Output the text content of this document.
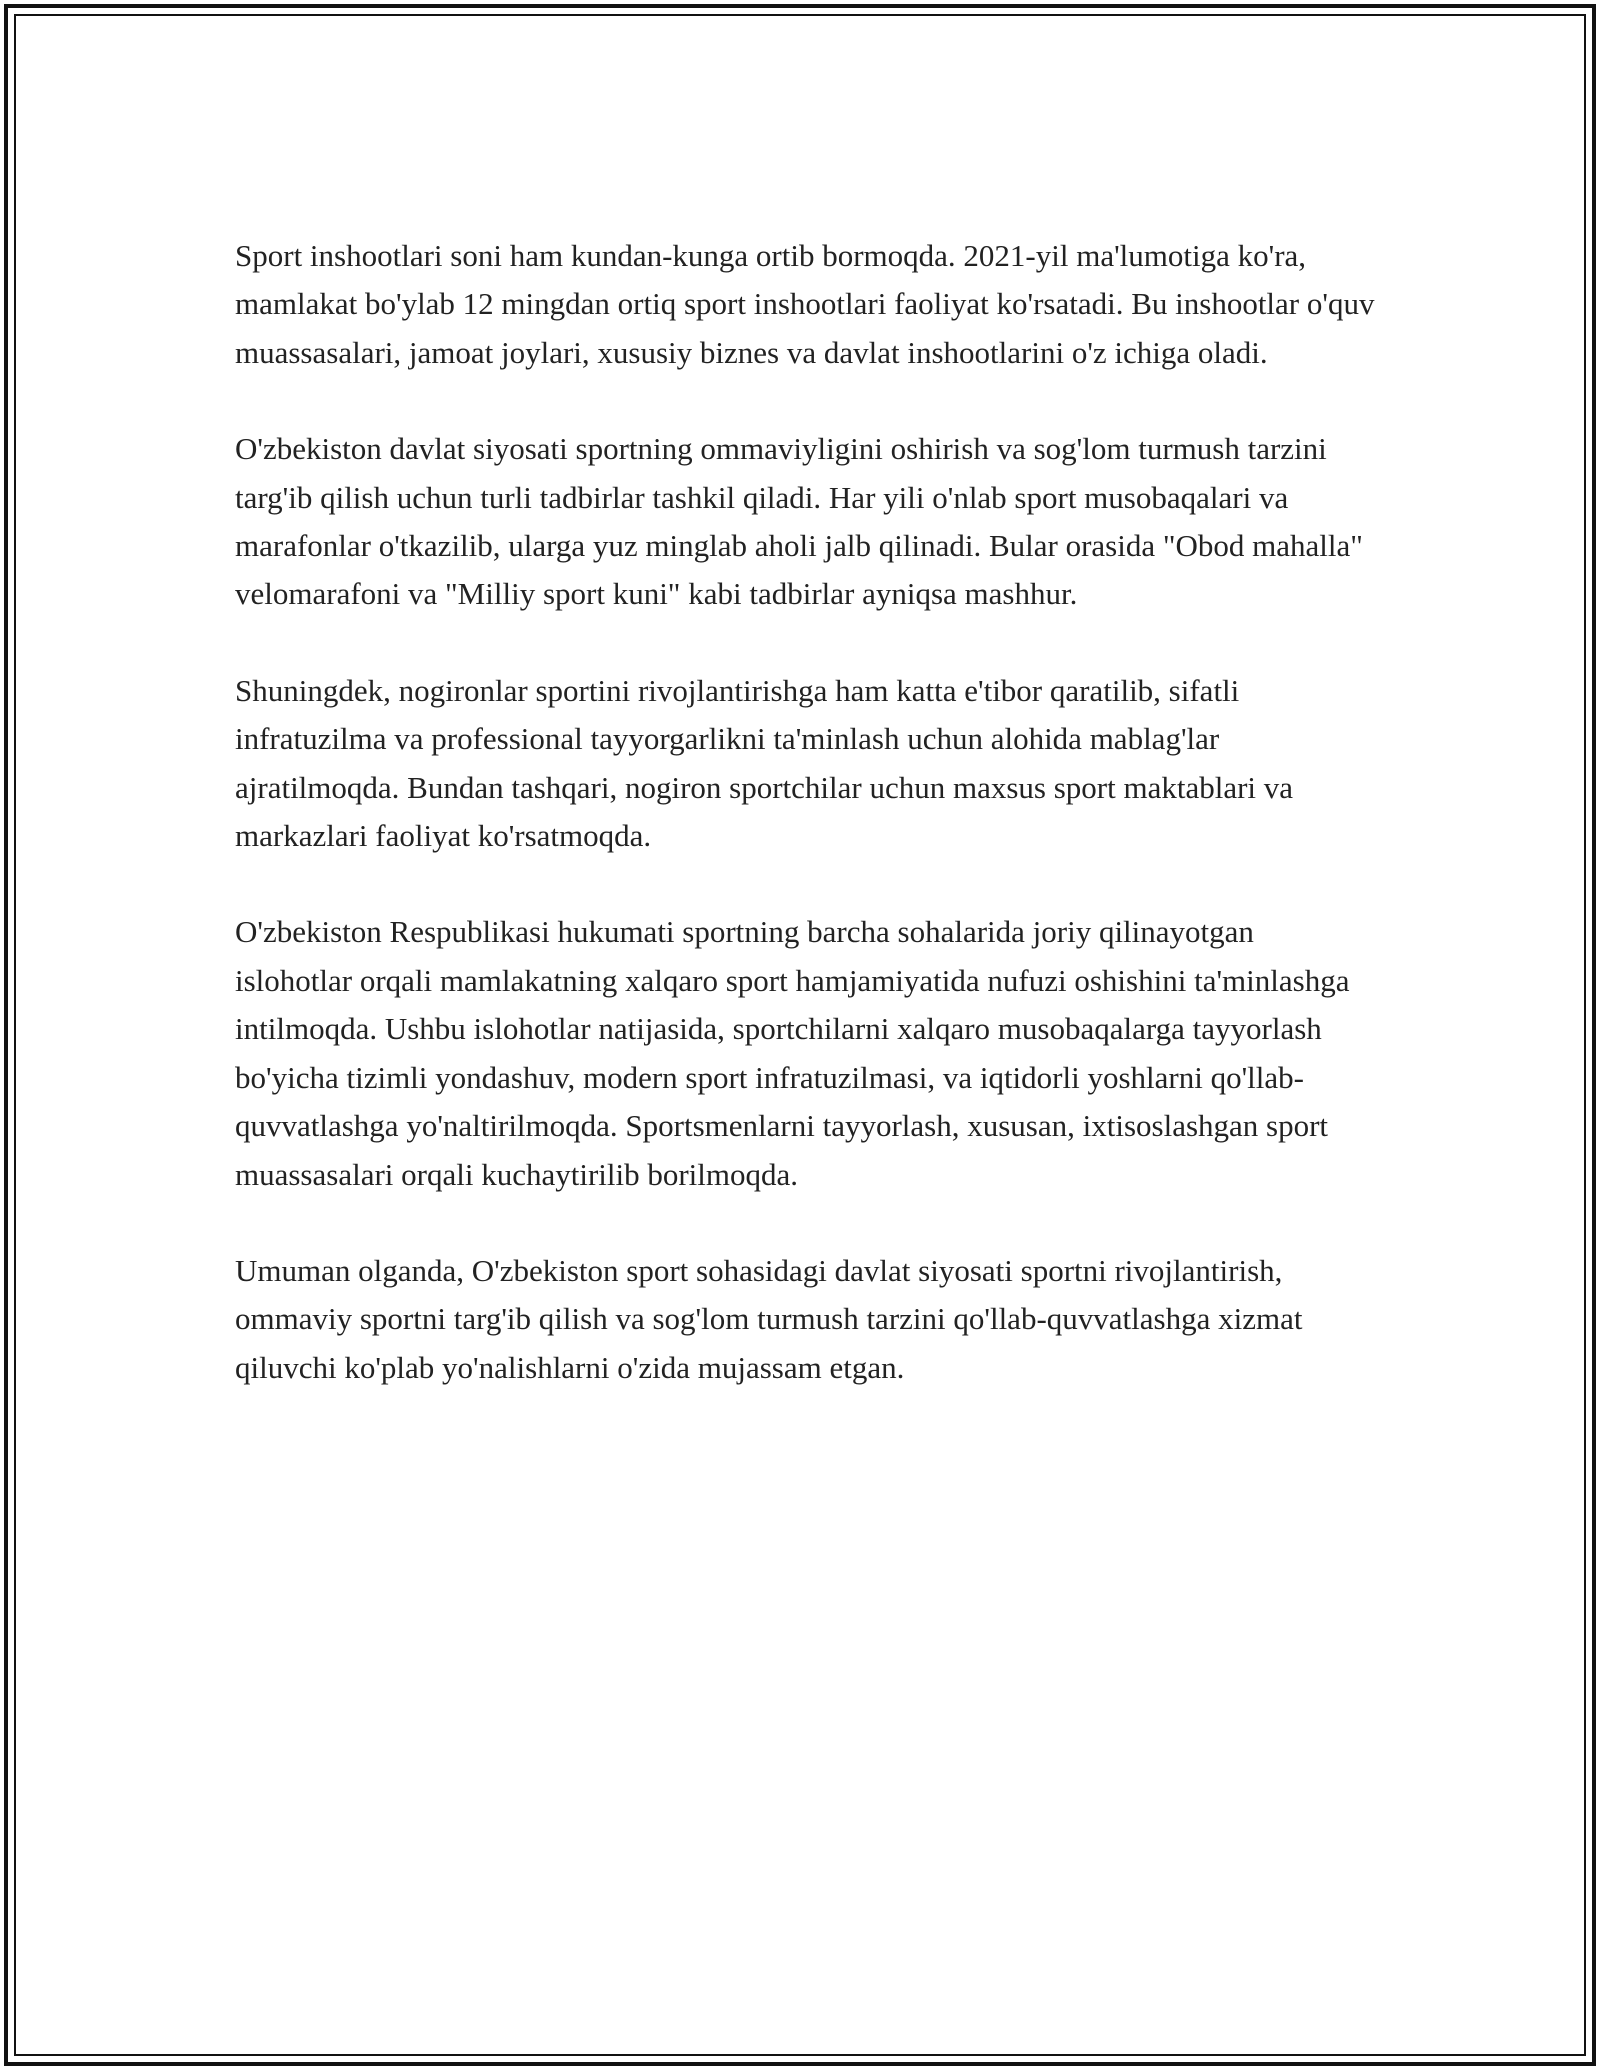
Sport inshootlari soni ham kundan-kunga ortib bormoqda. 2021-yil ma'lumotiga ko'ra, mamlakat bo'ylab 12 mingdan ortiq sport inshootlari faoliyat ko'rsatadi. Bu inshootlar o'quv muassasalari, jamoat joylari, xususiy biznes va davlat inshootlarini o'z ichiga oladi.

O'zbekiston davlat siyosati sportning ommaviyligini oshirish va sog'lom turmush tarzini targ'ib qilish uchun turli tadbirlar tashkil qiladi. Har yili o'nlab sport musobaqalari va marafonlar o'tkazilib, ularga yuz minglab aholi jalb qilinadi. Bular orasida "Obod mahalla" velomarafoni va "Milliy sport kuni" kabi tadbirlar ayniqsa mashhur.

Shuningdek, nogironlar sportini rivojlantirishga ham katta e'tibor qaratilib, sifatli infratuzilma va professional tayyorgarlikni ta'minlash uchun alohida mablag'lar ajratilmoqda. Bundan tashqari, nogiron sportchilar uchun maxsus sport maktablari va markazlari faoliyat ko'rsatmoqda.

O'zbekiston Respublikasi hukumati sportning barcha sohalarida joriy qilinayotgan islohotlar orqali mamlakatning xalqaro sport hamjamiyatida nufuzi oshishini ta'minlashga intilmoqda. Ushbu islohotlar natijasida, sportchilarni xalqaro musobaqalarga tayyorlash bo'yicha tizimli yondashuv, modern sport infratuzilmasi, va iqtidorli yoshlarni qo'llab-quvvatlashga yo'naltirilmoqda. Sportsmenlarni tayyorlash, xususan, ixtisoslashgan sport muassasalari orqali kuchaytirilib borilmoqda.

Umuman olganda, O'zbekiston sport sohasidagi davlat siyosati sportni rivojlantirish, ommaviy sportni targ'ib qilish va sog'lom turmush tarzini qo'llab-quvvatlashga xizmat qiluvchi ko'plab yo'nalishlarni o'zida mujassam etgan.
